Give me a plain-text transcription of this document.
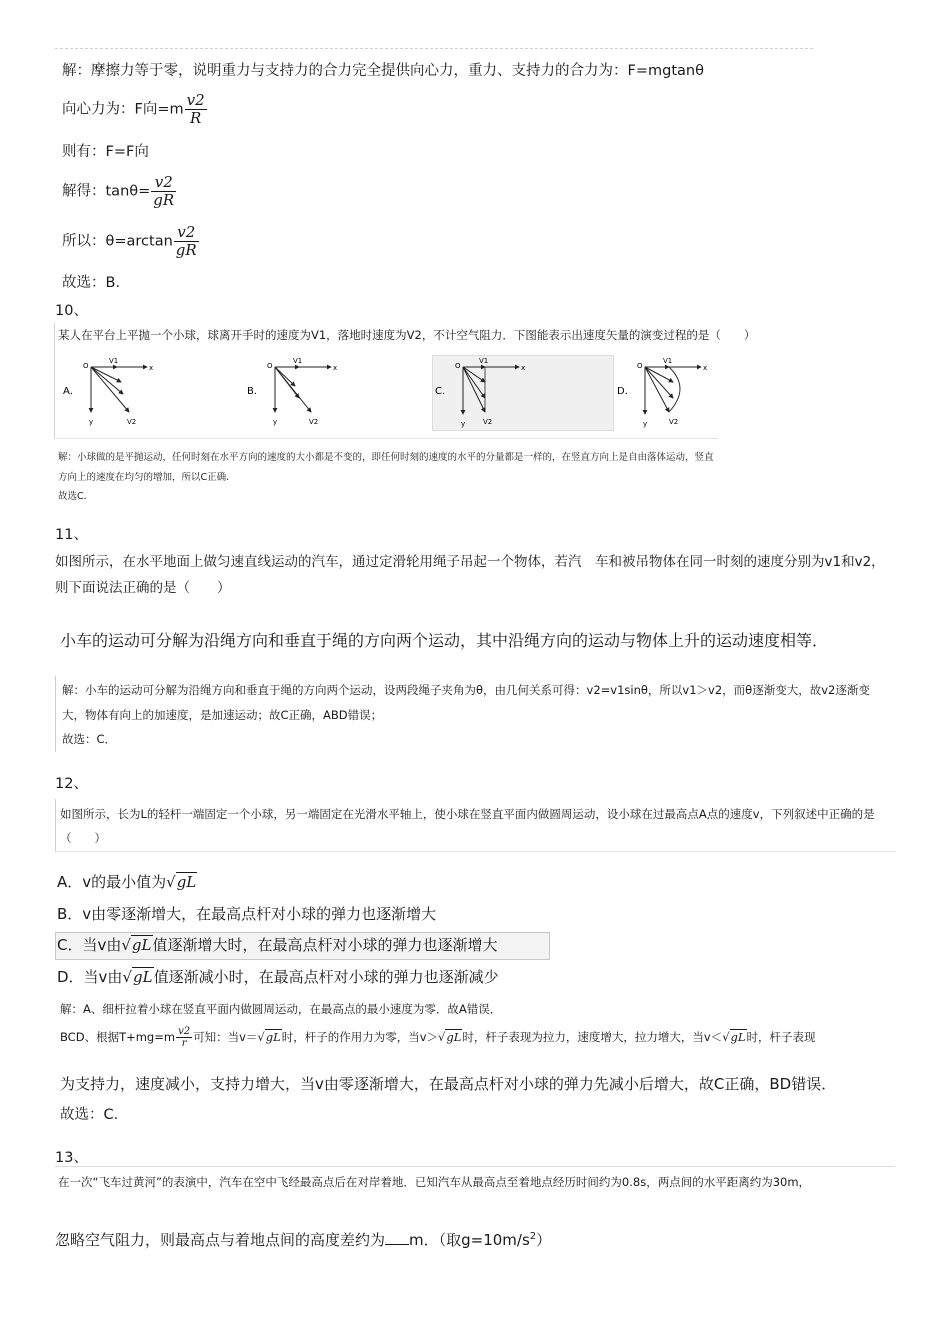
解：摩擦力等于零，说明重力与支持力的合力完全提供向心力，重力、支持力的合力为：F=mgtanθ
向心力为：F向$=m \frac{v2}{R}$
则有：F=F向
解得：$\tan\theta= \frac{v2}{gR}$
所以：$\theta=\arctan \frac{v2}{gR}$
故选：B．
10、
某人在平台上平抛一个小球，球离开手时的速度为V1，落地时速度为V2，不计空气阻力．下图能表示出速度矢量的演变过程的是（　　）
A．
O	x
y
V1
V2
B．
O	x
y
V1
V2
C．
O	x
y
V1
V2
D．
O	x
y
V1
V2
解：小球做的是平抛运动，任何时刻在水平方向的速度的大小都是不变的，即任何时刻的速度的水平的分量都是一样的，在竖直方向上是自由落体运动，竖直方向上的速度在均匀的增加，所以C正确．
故选C．
11、
如图所示，在水平地面上做匀速直线运动的汽车，通过定滑轮用绳子吊起一个物体，若汽　车和被吊物体在同一时刻的速度分别为v1和v2，则下面说法正确的是（　　）
小车的运动可分解为沿绳方向和垂直于绳的方向两个运动，其中沿绳方向的运动与物体上升的运动速度相等．
解：小车的运动可分解为沿绳方向和垂直于绳的方向两个运动，设两段绳子夹角为θ，由几何关系可得：v2=v1sinθ，所以v1＞v2，而θ逐渐变大，故v2逐渐变大，物体有向上的加速度，是加速运动；故C正确，ABD错误；
故选：C．
12、
如图所示，长为L的轻杆一端固定一个小球，另一端固定在光滑水平轴上，使小球在竖直平面内做圆周运动，设小球在过最高点A点的速度v，下列叙述中正确的是（　　）
A．v的最小值为√gL
B．v由零逐渐增大，在最高点杆对小球的弹力也逐渐增大
C．当v由√gL值逐渐增大时，在最高点杆对小球的弹力也逐渐增大
D．当v由√gL值逐渐减小时，在最高点杆对小球的弹力也逐渐减少
解：A、细杆拉着小球在竖直平面内做圆周运动，在最高点的最小速度为零．故A错误．
BCD、根据$T+mg=m \frac{v2}{r}$ 可知：当v＝√gL时，杆子的作用力为零，当v＞√gL时，杆子表现为拉力，速度增大，拉力增大，当v＜√gL时，杆子表现
为支持力，速度减小，支持力增大，当v由零逐渐增大，在最高点杆对小球的弹力先减小后增大，故C正确，BD错误．
故选：C．
13、
在一次“飞车过黄河”的表演中，汽车在空中飞经最高点后在对岸着地．已知汽车从最高点至着地点经历时间约为0.8s，两点间的水平距离约为30m，
忽略空气阻力，则最高点与着地点间的高度差约为 m．（取$g=10m/s^2$）
